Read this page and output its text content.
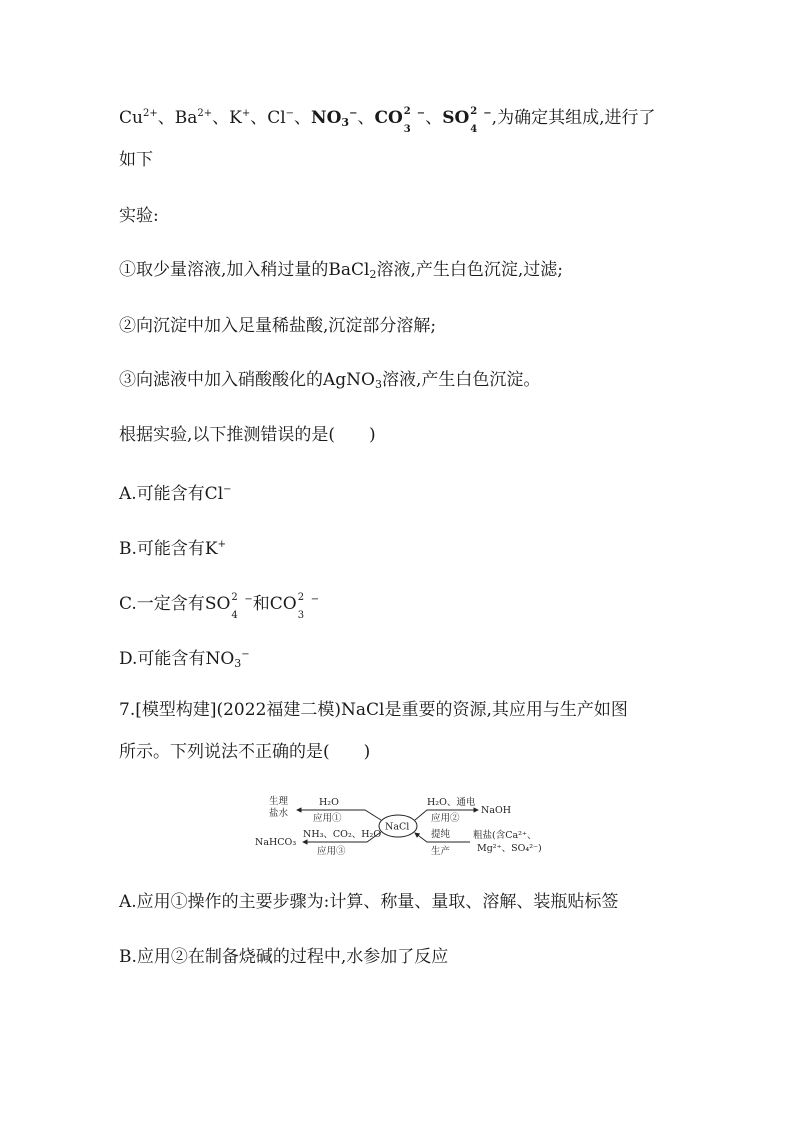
$Cu^{2+}$、$Ba^{2+}$、K+、Cl−、$NO_3^-$、CO 2
3
−、SO 2
4
−,为确定其组成,进行了
如下
实验:
①取少量溶液,加入稍过量的BaCl$_2$溶液,产生白色沉淀,过滤;
②向沉淀中加入足量稀盐酸,沉淀部分溶解;
③向滤液中加入硝酸酸化的AgNO$_3$溶液,产生白色沉淀。
根据实验,以下推测错误的是(　　)
A.可能含有Cl−
B.可能含有K+
C.一定含有SO 2
4
−和CO 2
3
−
D.可能含有$NO_3^-$
7.[模型构建](2022福建二模)NaCl是重要的资源,其应用与生产如图
所示。下列说法不正确的是(　　)
NaCl
生理
盐水
H₂O
应用①
H₂O、通电
NaOH
应用②
NaHCO₃
NH₃、CO₂、H₂O
应用③
提纯
生产
粗盐(含Ca²⁺、
Mg²⁺、SO₄²⁻)
A.应用①操作的主要步骤为:计算、称量、量取、溶解、装瓶贴标签
B.应用②在制备烧碱的过程中,水参加了反应
